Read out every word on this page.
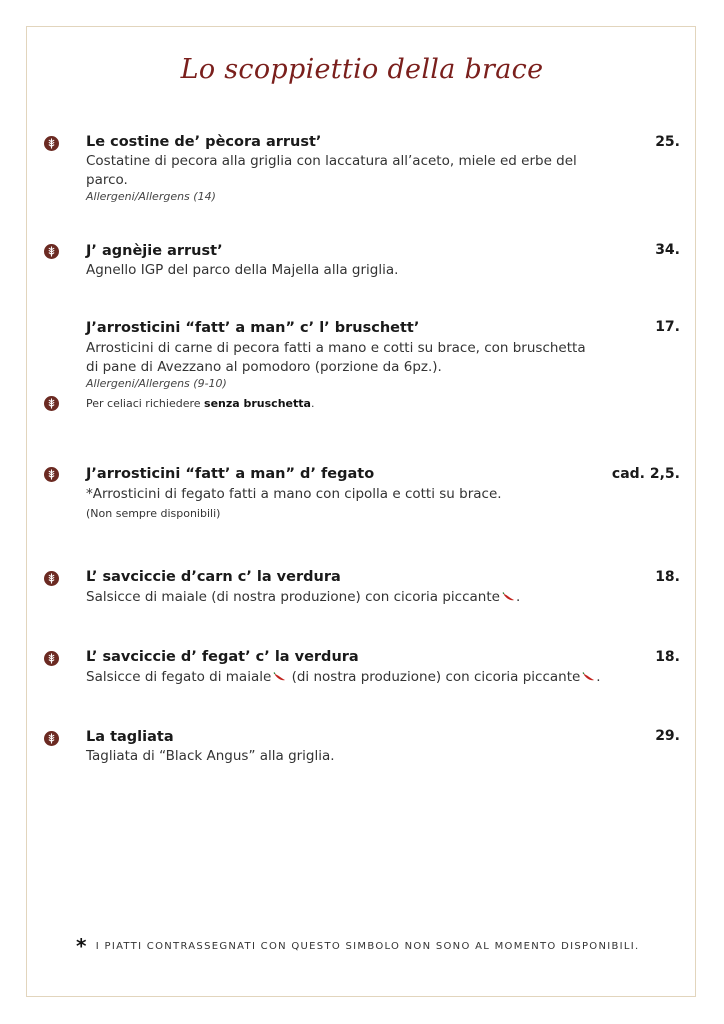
Lo scoppiettio della brace
Le costine de’ pècora arrust’	25.
Costatine di pecora alla griglia con laccatura all’aceto, miele ed erbe del
parco.
Allergeni/Allergens (14)
J’ agnèjie arrust’	34.
Agnello IGP del parco della Majella alla griglia.
J’arrosticini “fatt’ a man” c’ l’ bruschett’	17.
Arrosticini di carne di pecora fatti a mano e cotti su brace, con bruschetta
di pane di Avezzano al pomodoro (porzione da 6pz.).
Allergeni/Allergens (9-10)
Per celiaci richiedere senza bruschetta.
J’arrosticini “fatt’ a man” d’ fegato	cad. 2,5.
*Arrosticini di fegato fatti a mano con cipolla e cotti su brace.
(Non sempre disponibili)
L’ savciccie d’carn c’ la verdura	18.
Salsicce di maiale (di nostra produzione) con cicoria piccante .
L’ savciccie d’ fegat’ c’ la verdura	18.
Salsicce di fegato di maiale (di nostra produzione) con cicoria piccante .
La tagliata	29.
Tagliata di “Black Angus” alla griglia.
* I PIATTI CONTRASSEGNATI CON QUESTO SIMBOLO NON SONO AL MOMENTO DISPONIBILI.
